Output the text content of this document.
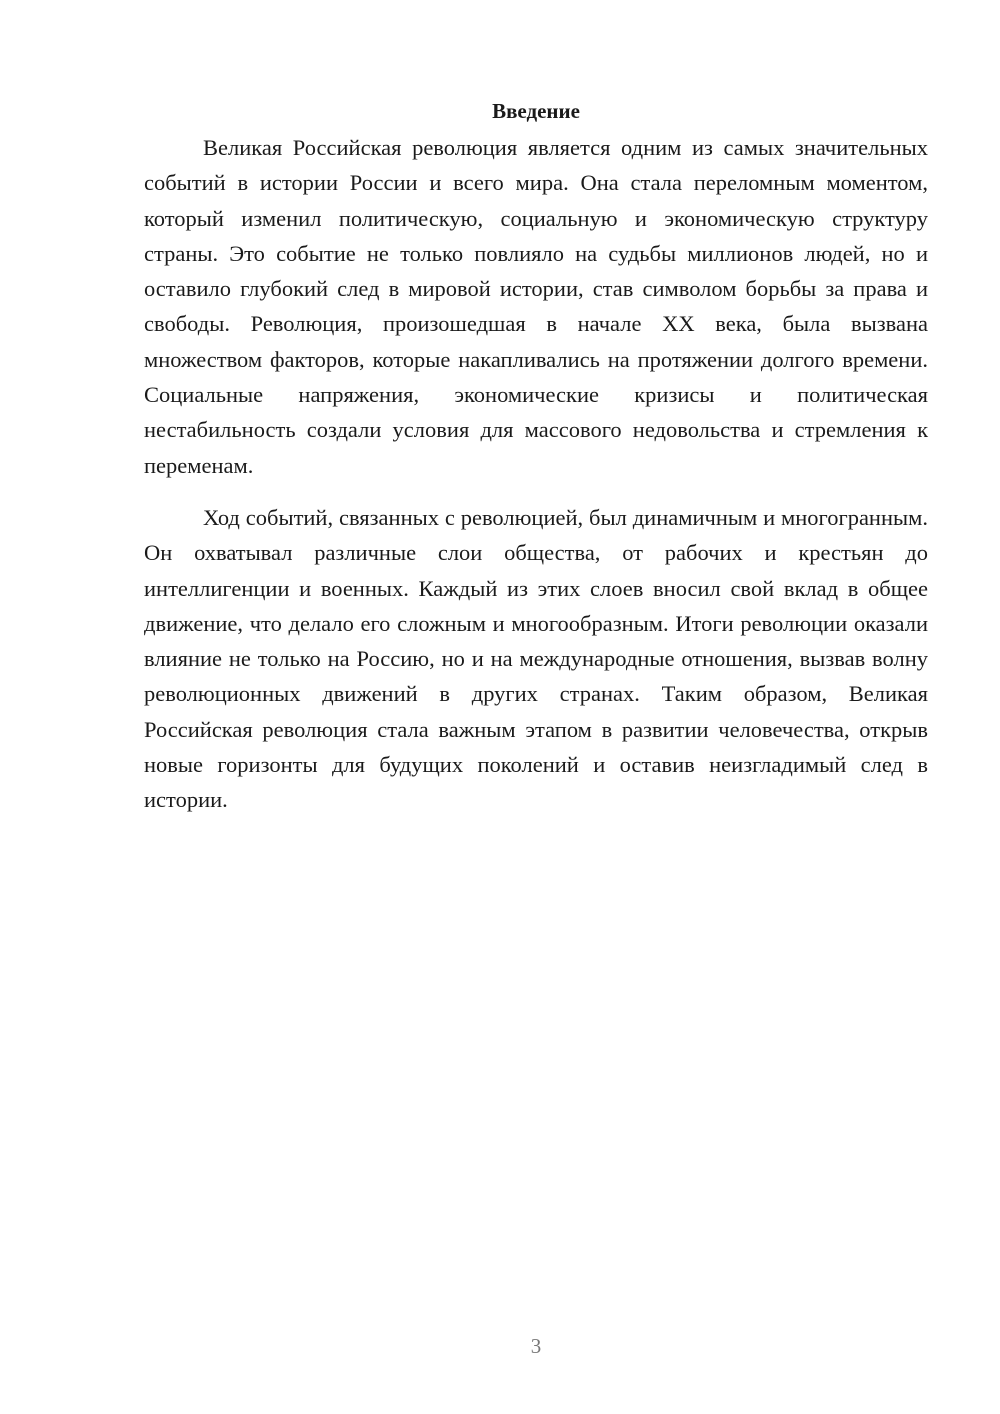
Введение

Великая Российская революция является одним из самых значительных событий в истории России и всего мира. Она стала переломным моментом, который изменил политическую, социальную и экономическую структуру страны. Это событие не только повлияло на судьбы миллионов людей, но и оставило глубокий след в мировой истории, став символом борьбы за права и свободы. Революция, произошедшая в начале XX века, была вызвана множеством факторов, которые накапливались на протяжении долгого времени. Социальные напряжения, экономические кризисы и политическая нестабильность создали условия для массового недовольства и стремления к переменам.

Ход событий, связанных с революцией, был динамичным и многогранным. Он охватывал различные слои общества, от рабочих и крестьян до интеллигенции и военных. Каждый из этих слоев вносил свой вклад в общее движение, что делало его сложным и многообразным. Итоги революции оказали влияние не только на Россию, но и на международные отношения, вызвав волну революционных движений в других странах. Таким образом, Великая Российская революция стала важным этапом в развитии человечества, открыв новые горизонты для будущих поколений и оставив неизгладимый след в истории.

3
